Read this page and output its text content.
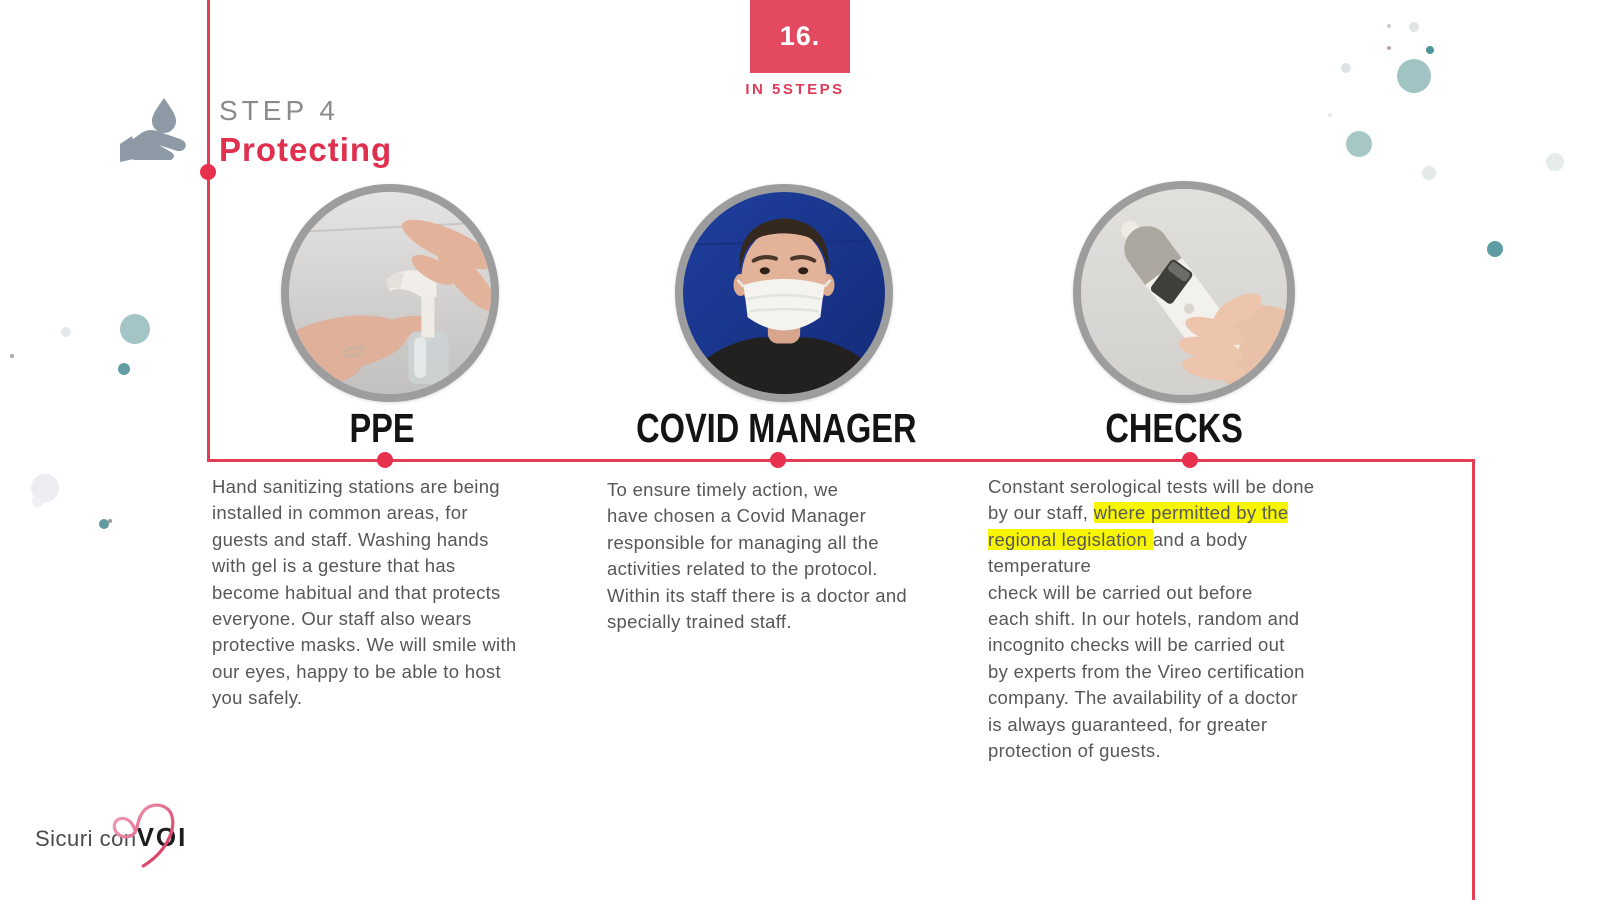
16.
IN 5STEPS
STEP 4
Protecting
PPE	COVID MANAGER	CHECKS
Hand sanitizing stations are being
installed in common areas, for
guests and staff. Washing hands
with gel is a gesture that has
become habitual and that protects
everyone. Our staff also wears
protective masks. We will smile with
our eyes, happy to be able to host
you safely.
To ensure timely action, we
have chosen a Covid Manager
responsible for managing all the
activities related to the protocol.
Within its staff there is a doctor and
specially trained staff.
Constant serological tests will be done
by our staff, where permitted by the
regional legislation and a body
temperature
check will be carried out before
each shift. In our hotels, random and
incognito checks will be carried out
by experts from the Vireo certification
company. The availability of a doctor
is always guaranteed, for greater
protection of guests.
Sicuri conVOI
